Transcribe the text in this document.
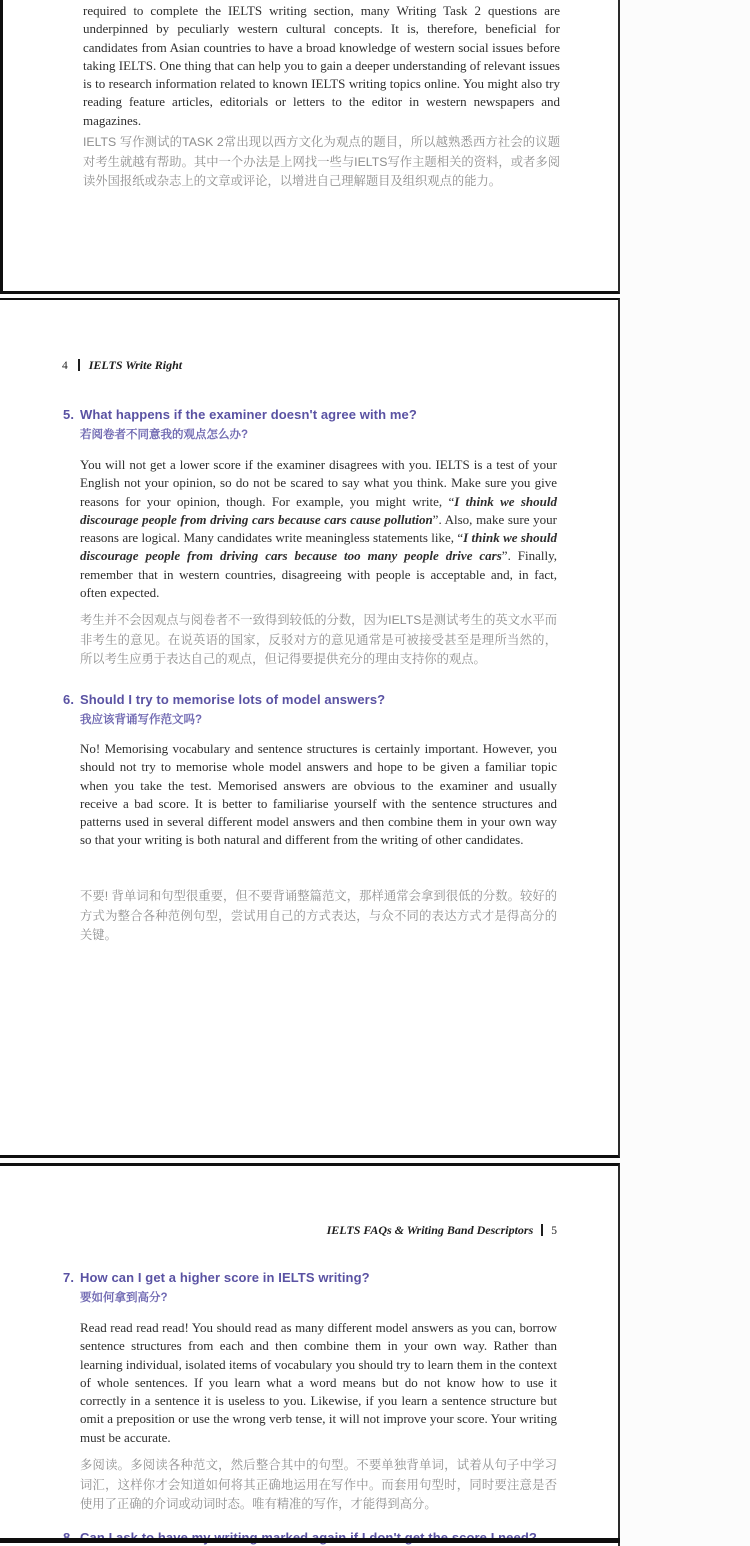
required to complete the IELTS writing section, many Writing Task 2 questions are underpinned by peculiarly western cultural concepts. It is, therefore, beneficial for candidates from Asian countries to have a broad knowledge of western social issues before taking IELTS. One thing that can help you to gain a deeper understanding of relevant issues is to research information related to known IELTS writing topics online. You might also try reading feature articles, editorials or letters to the editor in western newspapers and magazines.

IELTS 写作测试的TASK 2常出现以西方文化为观点的题目，所以越熟悉西方社会的议题对考生就越有帮助。其中一个办法是上网找一些与IELTS写作主题相关的资料，或者多阅读外国报纸或杂志上的文章或评论，以增进自己理解题目及组织观点的能力。

4 IELTS Write Right
5. What happens if the examiner doesn't agree with me?
若阅卷者不同意我的观点怎么办?

You will not get a lower score if the examiner disagrees with you. IELTS is a test of your English not your opinion, so do not be scared to say what you think. Make sure you give reasons for your opinion, though. For example, you might write, “I think we should discourage people from driving cars because cars cause pollution”. Also, make sure your reasons are logical. Many candidates write meaningless statements like, “I think we should discourage people from driving cars because too many people drive cars”. Finally, remember that in western countries, disagreeing with people is acceptable and, in fact, often expected.

考生并不会因观点与阅卷者不一致得到较低的分数，因为IELTS是测试考生的英文水平而非考生的意见。在说英语的国家，反驳对方的意见通常是可被接受甚至是理所当然的，所以考生应勇于表达自己的观点，但记得要提供充分的理由支持你的观点。

6. Should I try to memorise lots of model answers?
我应该背诵写作范文吗?

No! Memorising vocabulary and sentence structures is certainly important. However, you should not try to memorise whole model answers and hope to be given a familiar topic when you take the test. Memorised answers are obvious to the examiner and usually receive a bad score. It is better to familiarise yourself with the sentence structures and patterns used in several different model answers and then combine them in your own way so that your writing is both natural and different from the writing of other candidates.

不要! 背单词和句型很重要，但不要背诵整篇范文，那样通常会拿到很低的分数。较好的方式为整合各种范例句型，尝试用自己的方式表达，与众不同的表达方式才是得高分的关键。

IELTS FAQs & Writing Band Descriptors 5
7. How can I get a higher score in IELTS writing?
要如何拿到高分?

Read read read read! You should read as many different model answers as you can, borrow sentence structures from each and then combine them in your own way. Rather than learning individual, isolated items of vocabulary you should try to learn them in the context of whole sentences. If you learn what a word means but do not know how to use it correctly in a sentence it is useless to you. Likewise, if you learn a sentence structure but omit a preposition or use the wrong verb tense, it will not improve your score. Your writing must be accurate.

多阅读。多阅读各种范文，然后整合其中的句型。不要单独背单词，试着从句子中学习词汇，这样你才会知道如何将其正确地运用在写作中。而套用句型时，同时要注意是否使用了正确的介词或动词时态。唯有精准的写作，才能得到高分。
